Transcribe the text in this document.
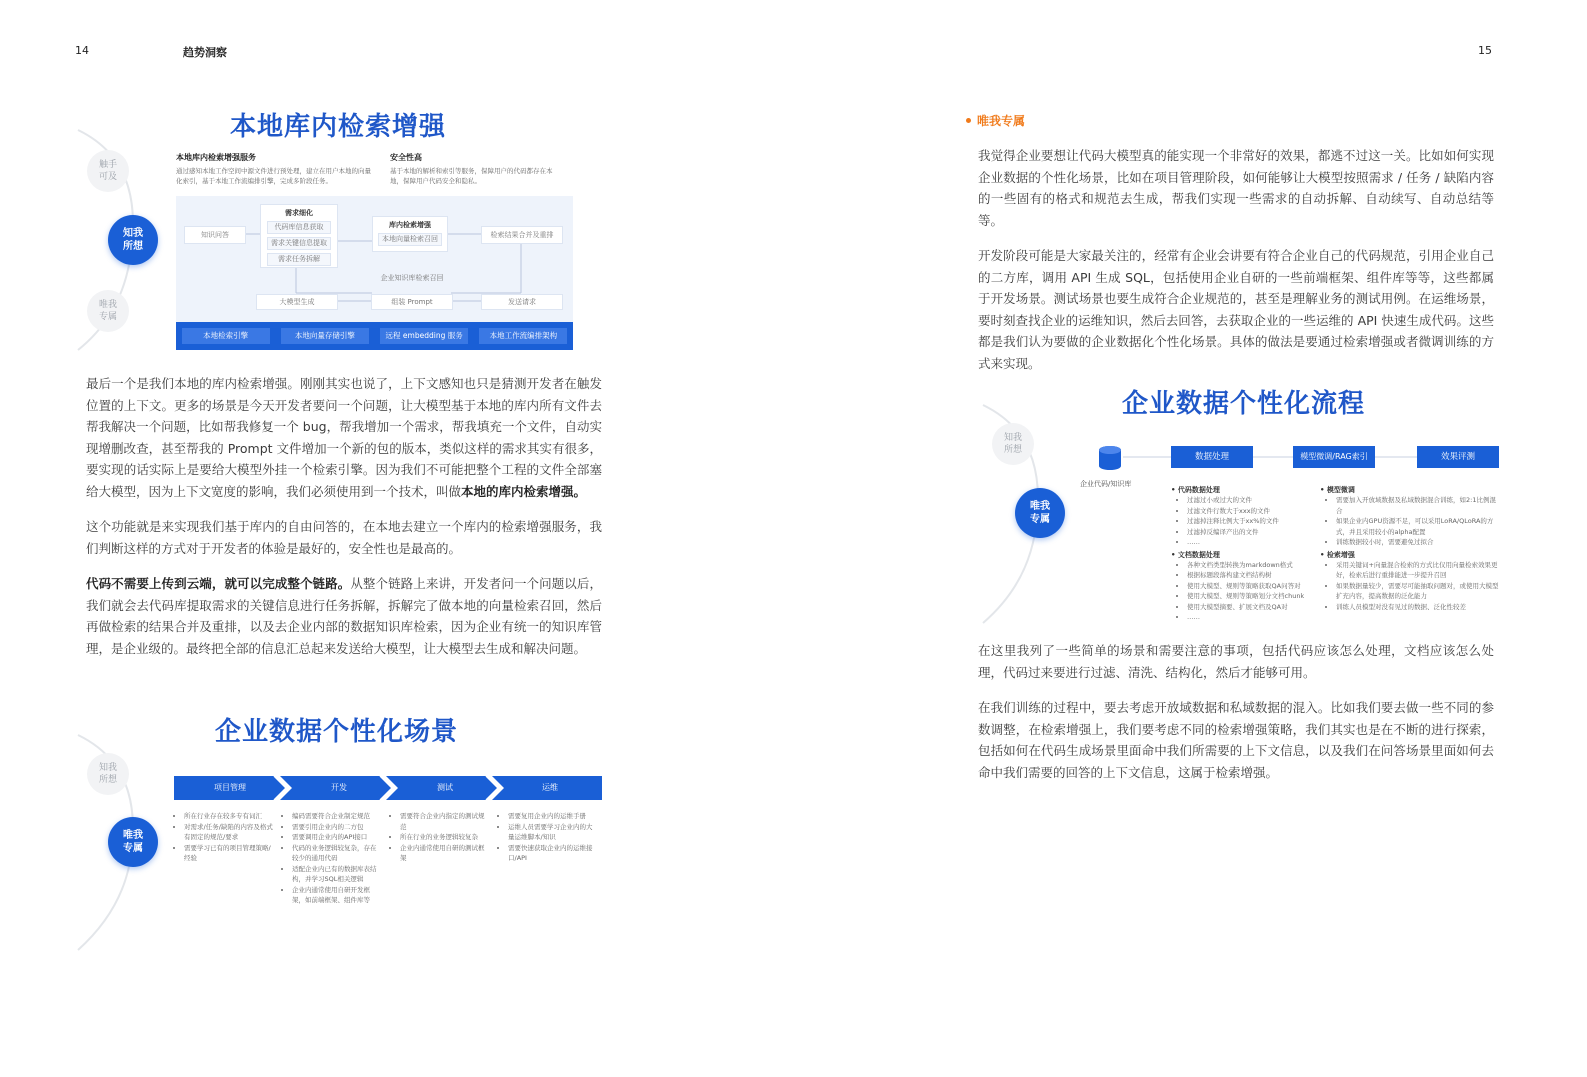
14	趋势洞察	15
触手
可及
知我
所想
唯我
专属
本地库内检索增强
本地库内检索增强服务
通过感知本地工作空间中源文件进行预处理，建立在用户本地的向量化索引，基于本地工作流编排引擎，完成多阶段任务。
安全性高
基于本地的解析和索引等服务，保障用户的代码都存在本地，保障用户代码安全和隐私。
知识问答
需求细化
代码库信息获取
需求关键信息提取
需求任务拆解
库内检索增强
本地向量检索召回	检索结果合并及重排
企业知识库检索召回
大模型生成	组装 Prompt	发送请求
本地检索引擎	本地向量存储引擎	远程 embedding 服务	本地工作流编排架构

最后一个是我们本地的库内检索增强。刚刚其实也说了，上下文感知也只是猜测开发者在触发位置的上下文。更多的场景是今天开发者要问一个问题，让大模型基于本地的库内所有文件去帮我解决一个问题，比如帮我修复一个 bug，帮我增加一个需求，帮我填充一个文件，自动实现增删改查，甚至帮我的 Prompt 文件增加一个新的包的版本，类似这样的需求其实有很多，要实现的话实际上是要给大模型外挂一个检索引擎。因为我们不可能把整个工程的文件全部塞给大模型，因为上下文宽度的影响，我们必须使用到一个技术，叫做本地的库内检索增强。

这个功能就是来实现我们基于库内的自由问答的，在本地去建立一个库内的检索增强服务，我们判断这样的方式对于开发者的体验是最好的，安全性也是最高的。

代码不需要上传到云端，就可以完成整个链路。从整个链路上来讲，开发者问一个问题以后，我们就会去代码库提取需求的关键信息进行任务拆解，拆解完了做本地的向量检索召回，然后再做检索的结果合并及重排，以及去企业内部的数据知识库检索，因为企业有统一的知识库管理，是企业级的。最终把全部的信息汇总起来发送给大模型，让大模型去生成和解决问题。

知我
所想
唯我
专属
企业数据个性化场景
项目管理	开发	测试	运维
• 所在行业存在较多专有词汇
• 对需求/任务/缺陷的内容及格式有固定的规范/要求
• 需要学习已有的项目管理策略/经验
• 编码需要符合企业制定规范
• 需要引用企业内的二方包
• 需要调用企业内的API接口
• 代码的业务逻辑较复杂，存在较少的通用代码
• 适配企业内已有的数据库表结构，并学习SQL相关逻辑
• 企业内通常使用自研开发框架，如前端框架、组件库等
• 需要符合企业内指定的测试规范
• 所在行业的业务逻辑较复杂
• 企业内通常使用自研的测试框架
• 需要复用企业内的运维手册
• 运维人员需要学习企业内的大量运维脚本/知识
• 需要快速获取企业内的运维接口/API
唯我专属

我觉得企业要想让代码大模型真的能实现一个非常好的效果，都逃不过这一关。比如如何实现企业数据的个性化场景，比如在项目管理阶段，如何能够让大模型按照需求 / 任务 / 缺陷内容的一些固有的格式和规范去生成，帮我们实现一些需求的自动拆解、自动续写、自动总结等等。

开发阶段可能是大家最关注的，经常有企业会讲要有符合企业自己的代码规范，引用企业自己的二方库，调用 API 生成 SQL，包括使用企业自研的一些前端框架、组件库等等，这些都属于开发场景。测试场景也要生成符合企业规范的，甚至是理解业务的测试用例。在运维场景，要时刻查找企业的运维知识，然后去回答，去获取企业的一些运维的 API 快速生成代码。这些都是我们认为要做的企业数据化个性化场景。具体的做法是要通过检索增强或者微调训练的方式来实现。

知我
所想
唯我
专属
企业数据个性化流程
企业代码/知识库
数据处理	模型微调/RAG索引	效果评测
• 代码数据处理
• 过滤过小或过大的文件
• 过滤文件行数大于xxx的文件
• 过滤掉注释比例大于xx%的文件
• 过滤掉反编译产出的文件
• ……
• 文档数据处理
• 各种文档类型转换为markdown格式
• 根据标题段落构建文档结构树
• 使用大模型、规则等策略获取QA问答对
• 使用大模型、规则等策略划分文档chunk
• 使用大模型摘要、扩展文档及QA对
• ……
• 模型微调
• 需要加入开放域数据及私域数据混合训练，如2:1比例混合
• 如果企业内GPU资源不足，可以采用LoRA/QLoRA的方式，并且采用较小的alpha配置
• 训练数据较小时，需要避免过拟合
• 检索增强
• 采用关键词+向量混合检索的方式比仅用向量检索效果更好，检索后进行重排能进一步提升召回
• 如果数据量较少，需要尽可能抽取问题对，或使用大模型扩充内容，提高数据的泛化能力
• 训练人员模型对没有见过的数据、泛化性较差

在这里我列了一些简单的场景和需要注意的事项，包括代码应该怎么处理，文档应该怎么处理，代码过来要进行过滤、清洗、结构化，然后才能够可用。

在我们训练的过程中，要去考虑开放域数据和私域数据的混入。比如我们要去做一些不同的参数调整，在检索增强上，我们要考虑不同的检索增强策略，我们其实也是在不断的进行探索，包括如何在代码生成场景里面命中我们所需要的上下文信息，以及我们在问答场景里面如何去命中我们需要的回答的上下文信息，这属于检索增强。
